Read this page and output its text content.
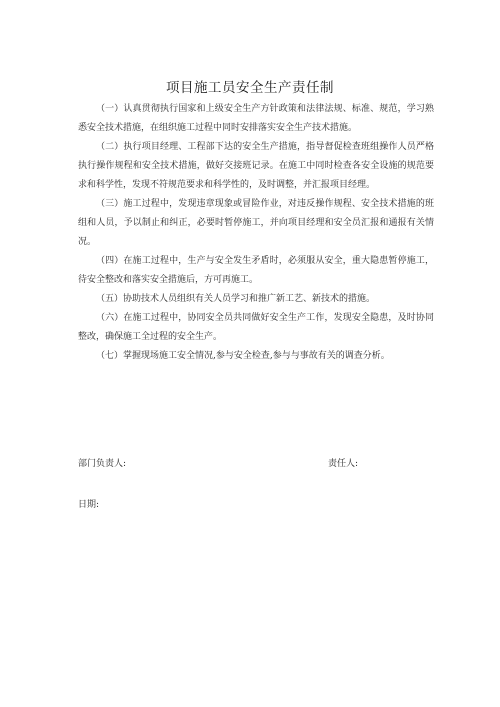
项目施工员安全生产责任制

（一）认真贯彻执行国家和上级安全生产方针政策和法律法规、标准、规范，学习熟悉安全技术措施，在组织施工过程中同时安排落实安全生产技术措施。

（二）执行项目经理、工程部下达的安全生产措施，指导督促检查班组操作人员严格执行操作规程和安全技术措施，做好交接班记录。在施工中同时检查各安全设施的规范要求和科学性，发现不符规范要求和科学性的，及时调整，并汇报项目经理。

（三）施工过程中，发现违章现象或冒险作业，对违反操作规程、安全技术措施的班组和人员，予以制止和纠正，必要时暂停施工，并向项目经理和安全员汇报和通报有关情况。

（四）在施工过程中，生产与安全发生矛盾时，必须服从安全，重大隐患暂停施工，待安全整改和落实安全措施后，方可再施工。

（五）协助技术人员组织有关人员学习和推广新工艺、新技术的措施。

（六）在施工过程中，协同安全员共同做好安全生产工作，发现安全隐患，及时协同整改，确保施工全过程的安全生产。

（七）掌握现场施工安全情况,参与安全检查,参与与事故有关的调查分析。

部门负责人:	责任人:
日期:
